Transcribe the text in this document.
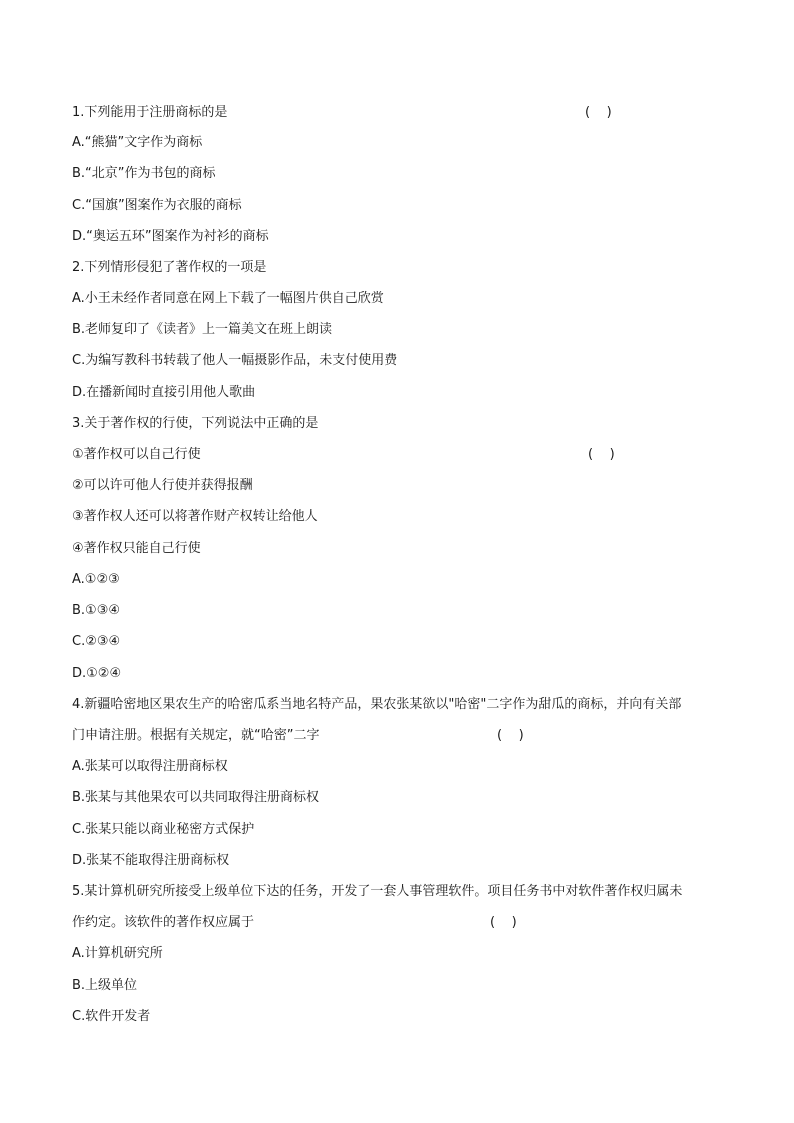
1.下列能用于注册商标的是	(    )
A.“熊猫”文字作为商标
B.“北京”作为书包的商标
C.“国旗”图案作为衣服的商标
D.“奥运五环”图案作为衬衫的商标
2.下列情形侵犯了著作权的一项是
A.小王未经作者同意在网上下载了一幅图片供自己欣赏
B.老师复印了《读者》上一篇美文在班上朗读
C.为编写教科书转载了他人一幅摄影作品，未支付使用费
D.在播新闻时直接引用他人歌曲
3.关于著作权的行使，下列说法中正确的是
①著作权可以自己行使	(    )
②可以许可他人行使并获得报酬
③著作权人还可以将著作财产权转让给他人
④著作权只能自己行使
A.①②③
B.①③④
C.②③④
D.①②④
4.新疆哈密地区果农生产的哈密瓜系当地名特产品，果农张某欲以"哈密"二字作为甜瓜的商标，并向有关部
门申请注册。根据有关规定，就“哈密”二字	(    )
A.张某可以取得注册商标权
B.张某与其他果农可以共同取得注册商标权
C.张某只能以商业秘密方式保护
D.张某不能取得注册商标权
5.某计算机研究所接受上级单位下达的任务，开发了一套人事管理软件。项目任务书中对软件著作权归属未
作约定。该软件的著作权应属于	(    )
A.计算机研究所
B.上级单位
C.软件开发者
